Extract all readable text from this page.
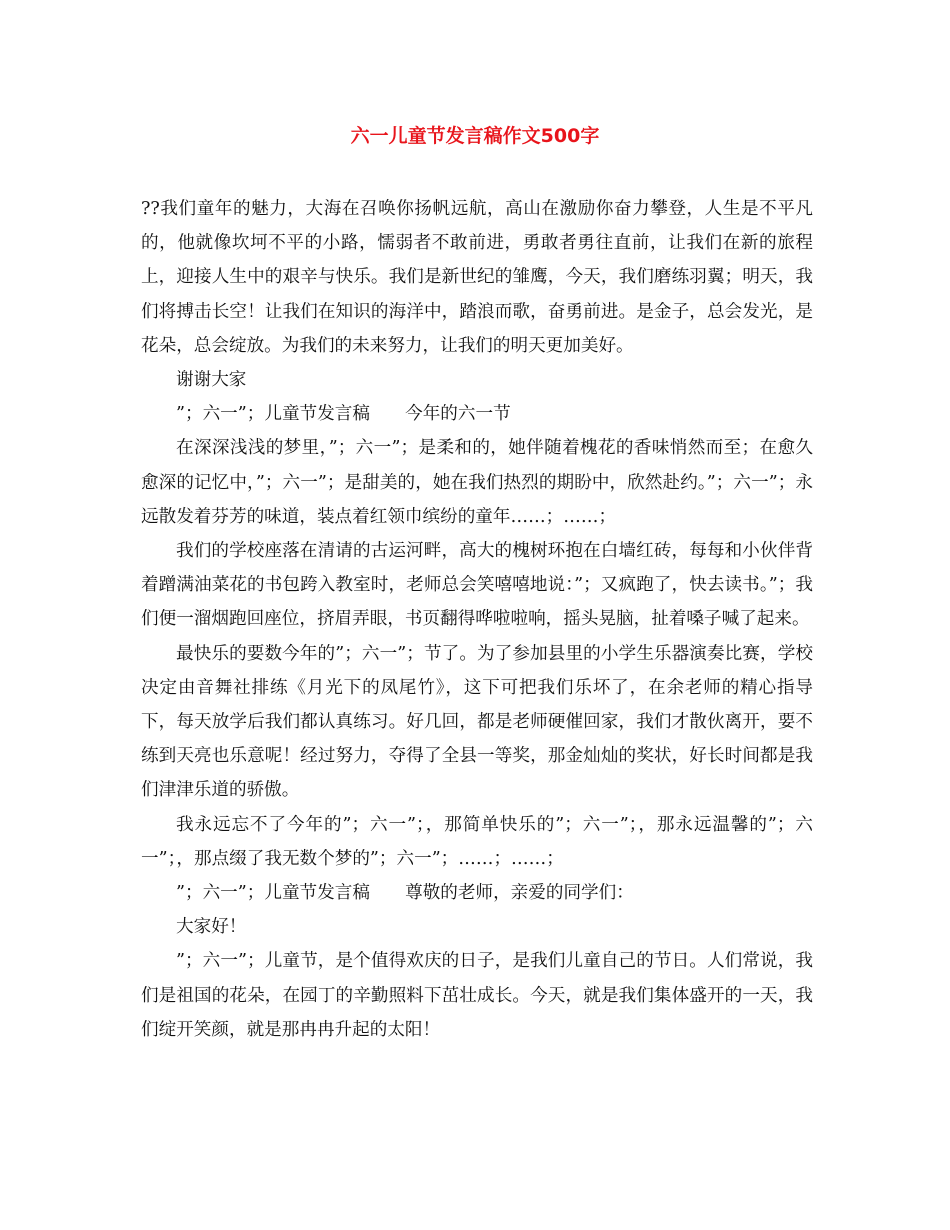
六一儿童节发言稿作文500字

??我们童年的魅力，大海在召唤你扬帆远航，高山在激励你奋力攀登，人生是不平凡的，他就像坎坷不平的小路，懦弱者不敢前进，勇敢者勇往直前，让我们在新的旅程上，迎接人生中的艰辛与快乐。我们是新世纪的雏鹰，今天，我们磨练羽翼；明天，我们将搏击长空！让我们在知识的海洋中，踏浪而歌，奋勇前进。是金子，总会发光，是花朵，总会绽放。为我们的未来努力，让我们的明天更加美好。

谢谢大家

”；六一”；儿童节发言稿　　今年的六一节

在深深浅浅的梦里，”；六一”；是柔和的，她伴随着槐花的香味悄然而至；在愈久愈深的记忆中，”；六一”；是甜美的，她在我们热烈的期盼中，欣然赴约。”；六一”；永远散发着芬芳的味道，装点着红领巾缤纷的童年……；……；

我们的学校座落在清请的古运河畔，高大的槐树环抱在白墙红砖，每每和小伙伴背着蹭满油菜花的书包跨入教室时，老师总会笑嘻嘻地说：”；又疯跑了，快去读书。”；我们便一溜烟跑回座位，挤眉弄眼，书页翻得哗啦啦响，摇头晃脑，扯着嗓子喊了起来。

最快乐的要数今年的”；六一”；节了。为了参加县里的小学生乐器演奏比赛，学校决定由音舞社排练《月光下的凤尾竹》，这下可把我们乐坏了，在余老师的精心指导下，每天放学后我们都认真练习。好几回，都是老师硬催回家，我们才散伙离开，要不练到天亮也乐意呢！经过努力，夺得了全县一等奖，那金灿灿的奖状，好长时间都是我们津津乐道的骄傲。

我永远忘不了今年的”；六一”；，那简单快乐的”；六一”；，那永远温馨的”；六一”；，那点缀了我无数个梦的”；六一”；……；……；

”；六一”；儿童节发言稿　　尊敬的老师，亲爱的同学们：

大家好！

”；六一”；儿童节，是个值得欢庆的日子，是我们儿童自己的节日。人们常说，我们是祖国的花朵，在园丁的辛勤照料下茁壮成长。今天，就是我们集体盛开的一天，我们绽开笑颜，就是那冉冉升起的太阳！
